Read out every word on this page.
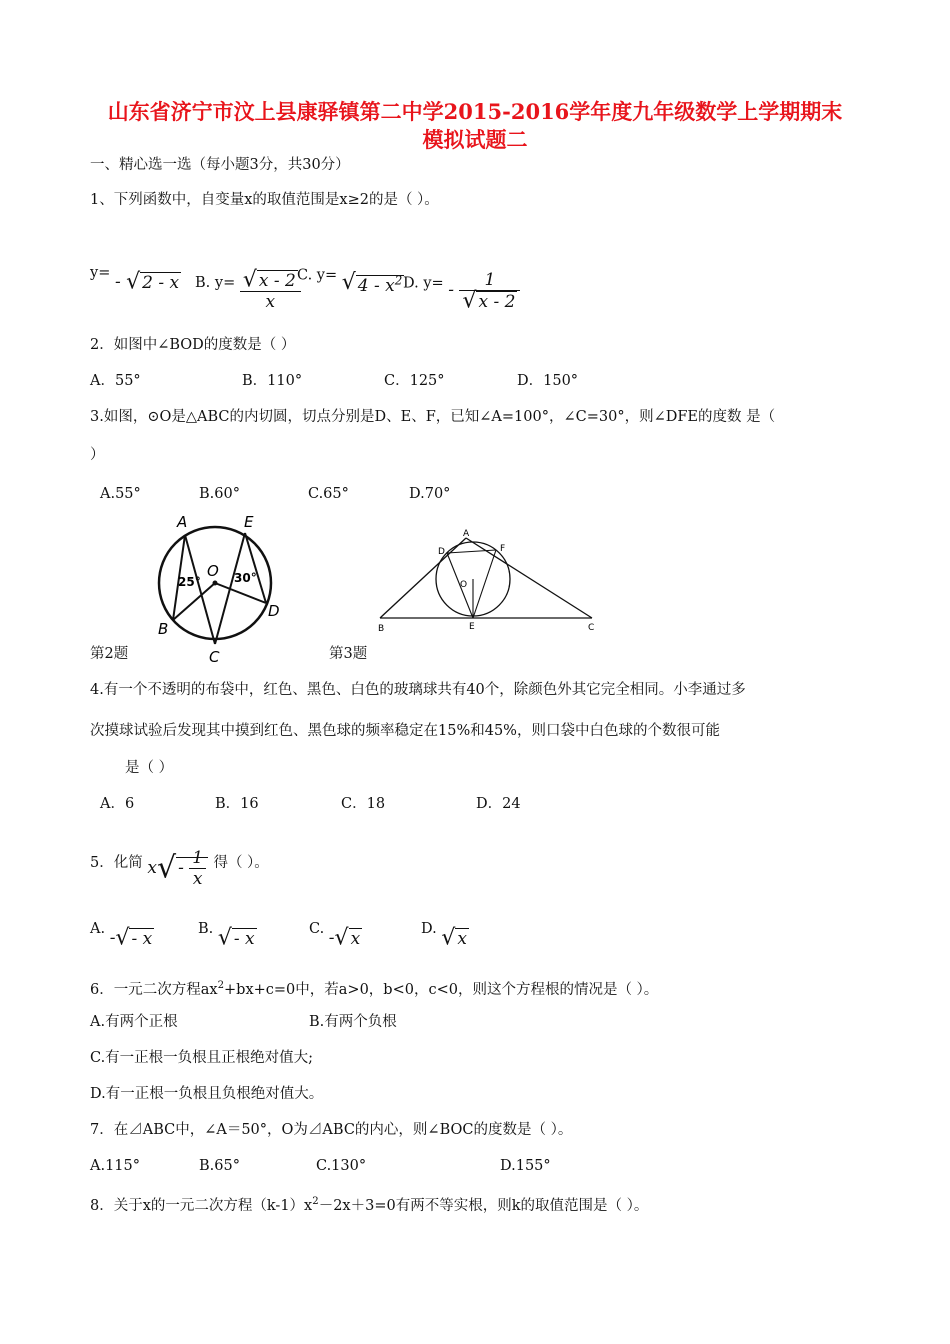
山东省济宁市汶上县康驿镇第二中学2015-2016学年度九年级数学上学期期末
模拟试题二
一、精心选一选（每小题3分，共30分）
1、下列函数中，自变量x的取值范围是x≥2的是（ ）。
y= - √ 2 - x B. $y= \frac{√ x - 2}{x}$
C. y= √ $4 - x^2$ D. $y= - \frac{1}{√ x - 2}$
2．如图中∠BOD的度数是（ ）
A．55°	B．110°	C．125°	D．150°
3.如图，⊙O是△ABC的内切圆，切点分别是D、E、F，已知∠A=100°，∠C=30°，则∠DFE的度数 是（
）
A.55°	B.60°	C.65°	D.70°
A	E
O
B
C
D
25°	30°
第2题
A
D	F
O
B	E	C
第3题
4.有一个不透明的布袋中，红色、黑色、白色的玻璃球共有40个，除颜色外其它完全相同。小李通过多
次摸球试验后发现其中摸到红色、黑色球的频率稳定在15%和45%，则口袋中白色球的个数很可能
是（ ）
A．6	B．16	C．18	D．24
5．化简 $x√ - \frac{1}{x}$ 得（ ）。
A. -√ - x	B. √ - x	C. -√ x	D. √ x
6．一元二次方程$ax^2+bx+c=0$中，若a>0，b<0，c<0，则这个方程根的情况是（ ）。
A.有两个正根	B.有两个负根
C.有一正根一负根且正根绝对值大;
D.有一正根一负根且负根绝对值大。
7．在⊿ABC中，∠A＝50°，O为⊿ABC的内心，则∠BOC的度数是（ ）。
A.115°	B.65°	C.130°	D.155°
8．关于x的一元二次方程$(k-1)x^2-2x+3=0$有两不等实根，则k的取值范围是（ ）。
